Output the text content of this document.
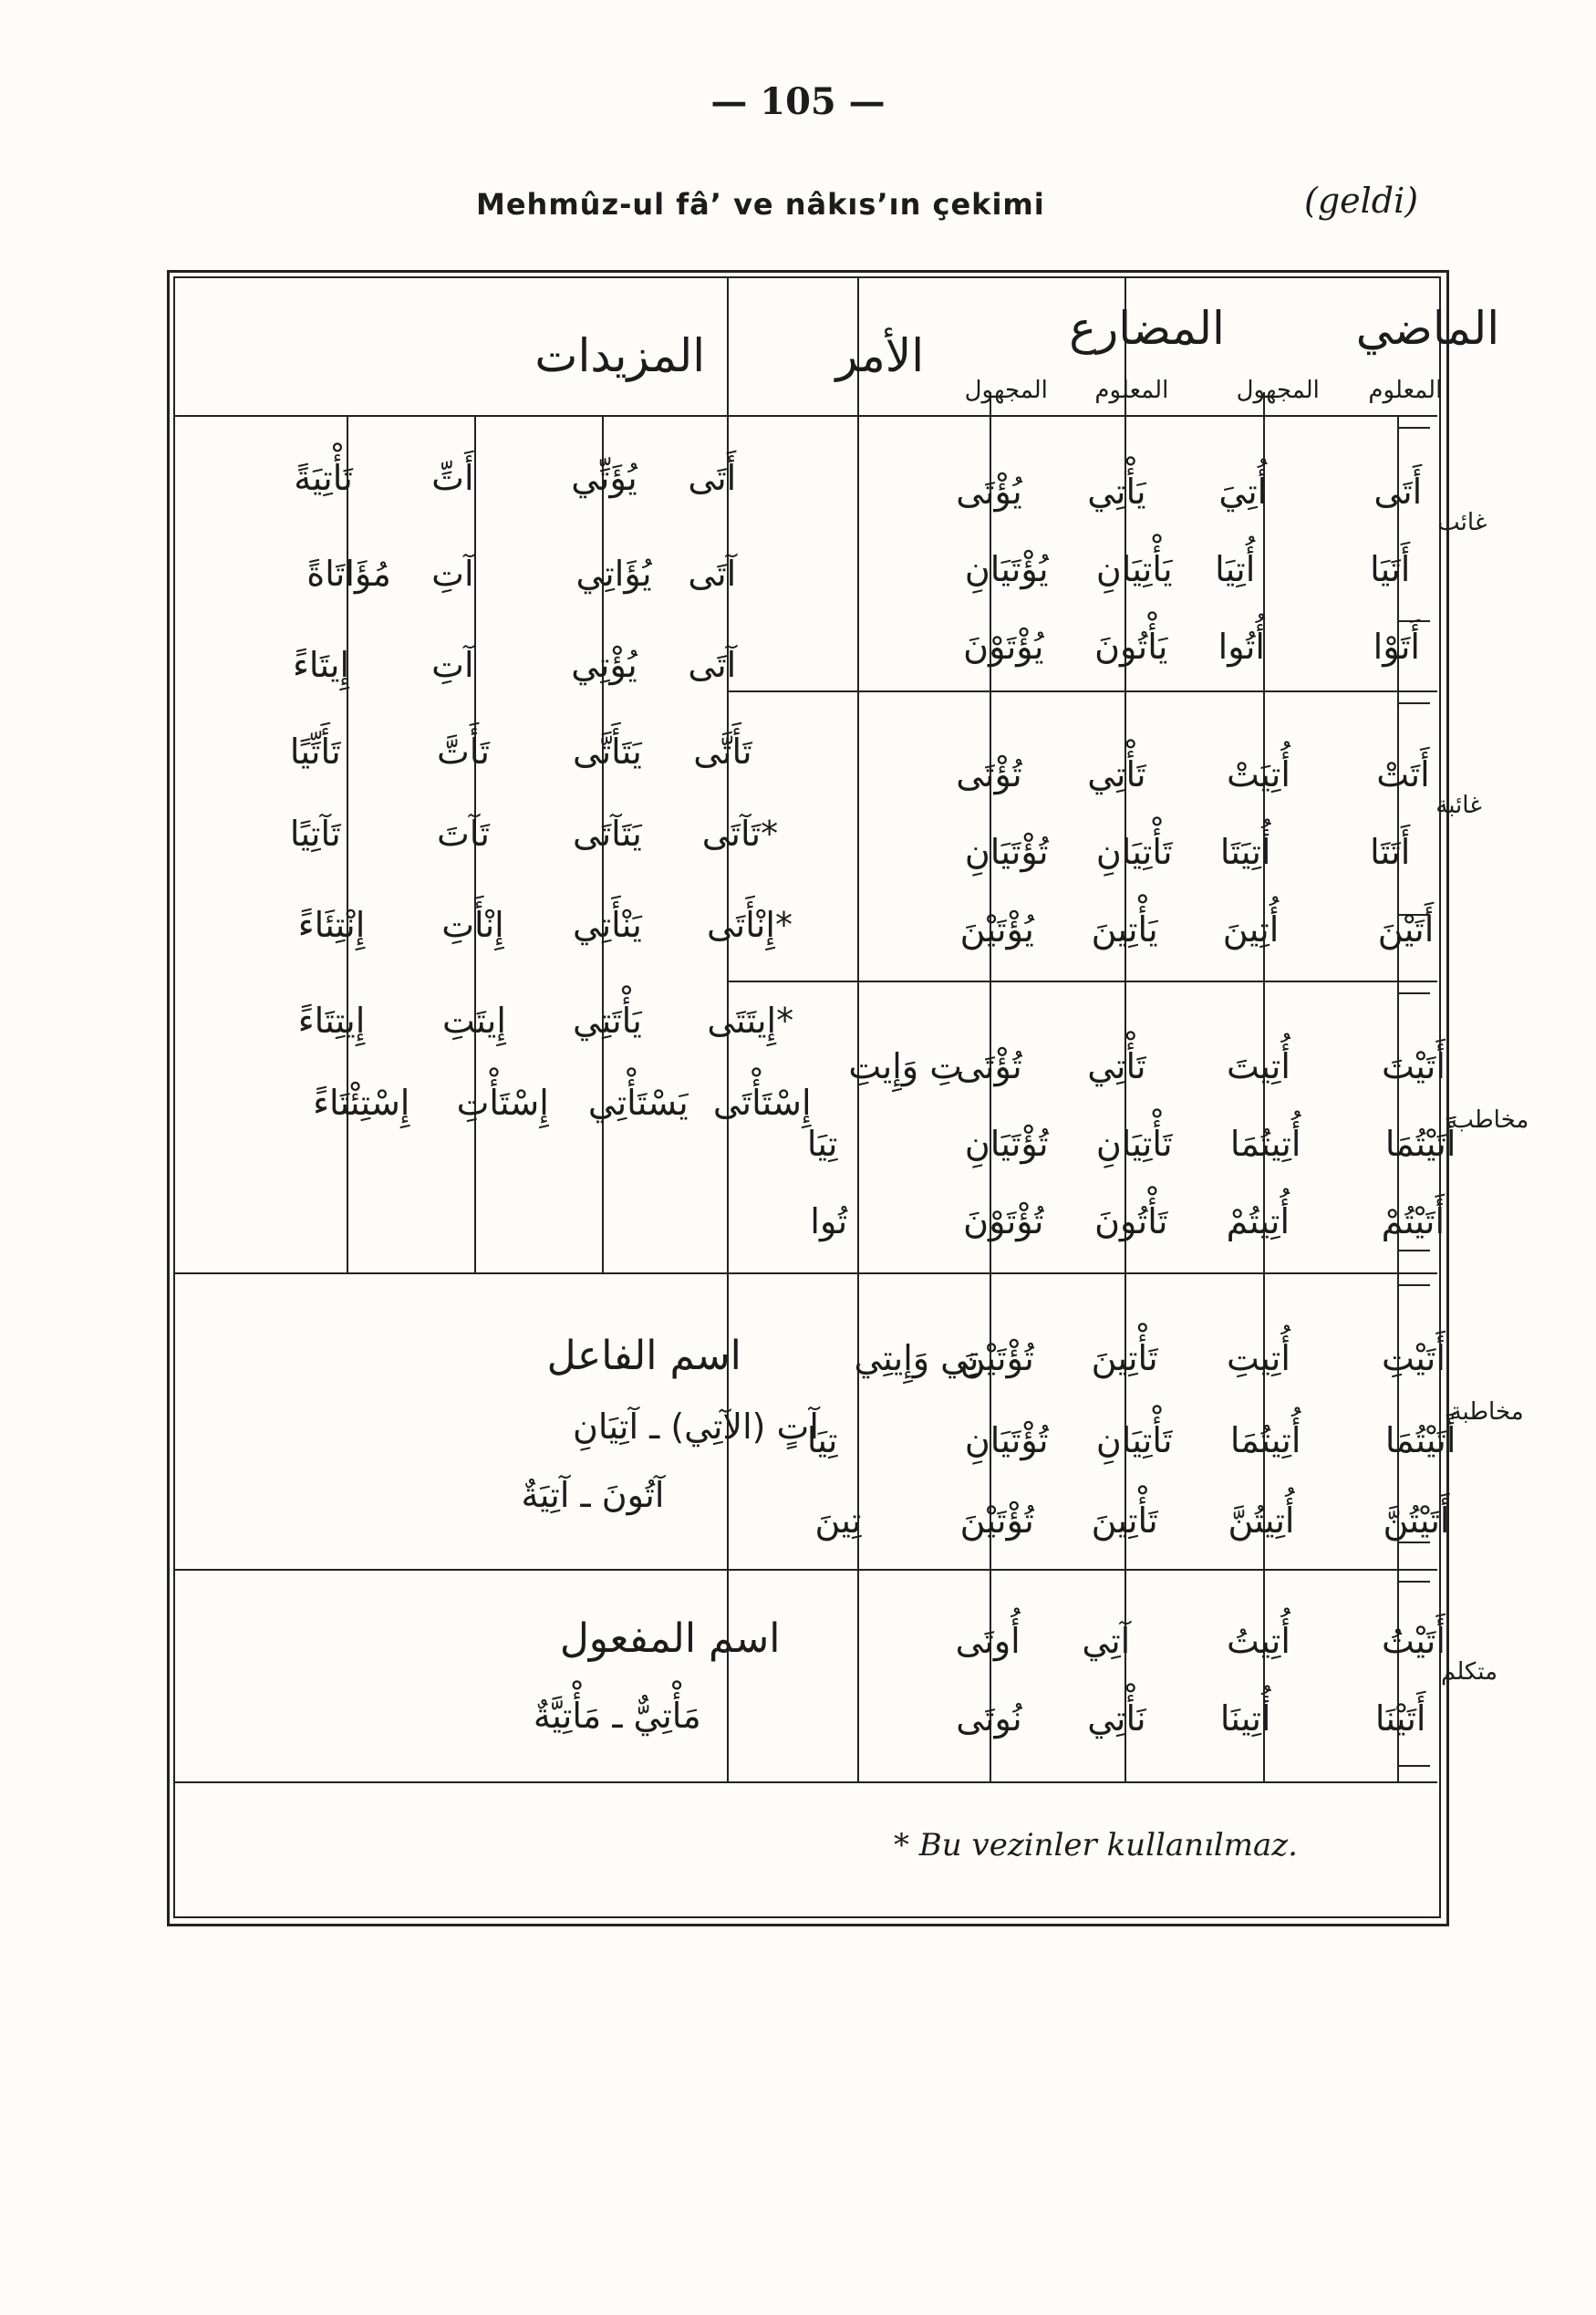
— 105 —
Mehmûz-ul fâ’ ve nâkıs’ın çekimi	(geldi)
الماضي
المعلوم
المجهول
المضارع
المعلوم
المجهول
الأمر
المزيدات
أَتَى
أُتِيَ
يَأْتِي
يُؤْتَى
أَتَيَا
أُتِيَا
يَأْتِيَانِ
يُؤْتَيَانِ
أَتَوْا
أُتُوا
يَأْتُونَ
يُؤْتَوْنَ
أَتَتْ
أُتِيَتْ
تَأْتِي
تُؤْتَى
أَتَتَا
أُتِيَتَا
تَأْتِيَانِ
تُؤْتَيَانِ
أَتَيْنَ
أُتِينَ
يَأْتِينَ
يُؤْتَيْنَ
أَتَيْتَ
أُتِيتَ
تَأْتِي
تُؤْتَى
تِ وَإِيتِ
أَتَيْتُمَا
أُتِيتُمَا
تَأْتِيَانِ
تُؤْتَيَانِ
تِيَا
أَتَيْتُمْ
أُتِيتُمْ
تَأْتُونَ
تُؤْتَوْنَ
تُوا
أَتَيْتِ
أُتِيتِ
تَأْتِينَ
تُؤْتَيْنَ
تِي وَإِيتِي
أَتَيْتُمَا
أُتِيتُمَا
تَأْتِيَانِ
تُؤْتَيَانِ
تِيَا
أَتَيْتُنَّ
أُتِيتُنَّ
تَأْتِينَ
تُؤْتَيْنَ
تِينَ
أَتَيْتُ
أُتِيتُ
آتِي
أُوتَى
أَتَيْنَا
أُتِينَا
نَأْتِي
نُوتَى
غائب
غائبة
مخاطب
مخاطبة
متكلم
أَتَى
آتَى
آتَى
تَأَتَّى
*تَآتَى
*إِنْأَتَى
*إِيتَتَى
إِسْتَأْتَى
يُؤَتِّي
يُؤَاتِي
يُؤْتِي
يَتَأَتَّى
يَتَآتَى
يَنْأَتِي
يَأْتَتِي
يَسْتَأْتِي
أَتِّ
آتِ
آتِ
تَأَتَّ
تَآتَ
إِنْأَتِ
إِيتَتِ
إِسْتَأْتِ
تَأْتِيَةً
مُؤَاتَاةً
إِيتَاءً
تَأَتِّيًا
تَآتِيًا
إِنْتِئَاءً
إِيتِتَاءً
إِسْتِئْتَاءً
اسم الفاعل
آتٍ (الآتِي) ـ آتِيَانِ
آتُونَ ـ آتِيَةٌ
اسم المفعول
مَأْتِيٌّ ـ مَأْتِيَّةٌ
* Bu vezinler kullanılmaz.
